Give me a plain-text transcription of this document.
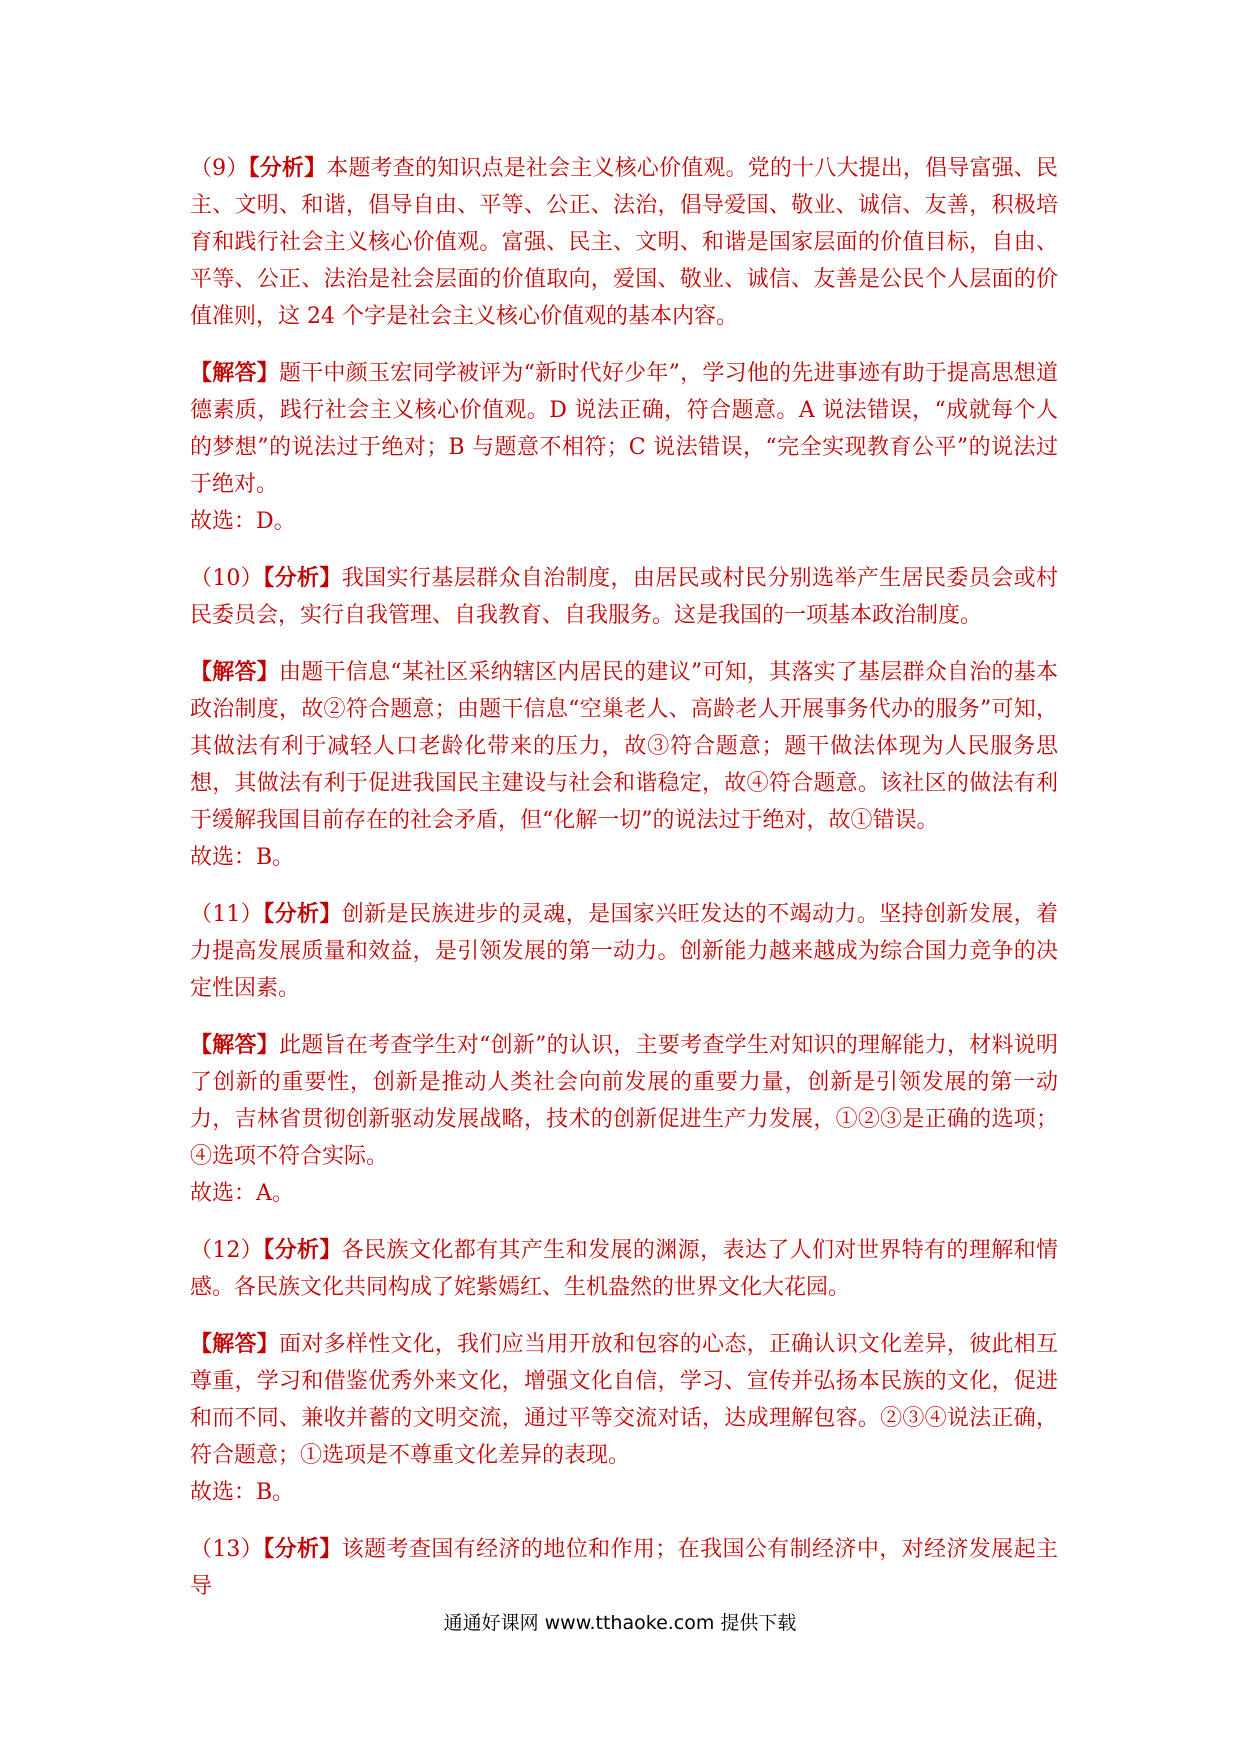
（9）【分析】本题考查的知识点是社会主义核心价值观。党的十八大提出，倡导富强、民主、文明、和谐，倡导自由、平等、公正、法治，倡导爱国、敬业、诚信、友善，积极培育和践行社会主义核心价值观。富强、民主、文明、和谐是国家层面的价值目标，自由、平等、公正、法治是社会层面的价值取向，爱国、敬业、诚信、友善是公民个人层面的价值准则，这 24 个字是社会主义核心价值观的基本内容。

【解答】题干中颜玉宏同学被评为“新时代好少年”，学习他的先进事迹有助于提高思想道德素质，践行社会主义核心价值观。D 说法正确，符合题意。A 说法错误，“成就每个人的梦想”的说法过于绝对；B 与题意不相符；C 说法错误，“完全实现教育公平”的说法过于绝对。

故选：D。

（10）【分析】我国实行基层群众自治制度，由居民或村民分别选举产生居民委员会或村民委员会，实行自我管理、自我教育、自我服务。这是我国的一项基本政治制度。

【解答】由题干信息“某社区采纳辖区内居民的建议”可知，其落实了基层群众自治的基本政治制度，故②符合题意；由题干信息“空巢老人、高龄老人开展事务代办的服务”可知，其做法有利于减轻人口老龄化带来的压力，故③符合题意；题干做法体现为人民服务思想，其做法有利于促进我国民主建设与社会和谐稳定，故④符合题意。该社区的做法有利于缓解我国目前存在的社会矛盾，但“化解一切”的说法过于绝对，故①错误。

故选：B。

（11）【分析】创新是民族进步的灵魂，是国家兴旺发达的不竭动力。坚持创新发展，着力提高发展质量和效益，是引领发展的第一动力。创新能力越来越成为综合国力竞争的决定性因素。

【解答】此题旨在考查学生对“创新”的认识，主要考查学生对知识的理解能力，材料说明了创新的重要性，创新是推动人类社会向前发展的重要力量，创新是引领发展的第一动力，吉林省贯彻创新驱动发展战略，技术的创新促进生产力发展，①②③是正确的选项；④选项不符合实际。

故选：A。

（12）【分析】各民族文化都有其产生和发展的渊源，表达了人们对世界特有的理解和情感。各民族文化共同构成了姹紫嫣红、生机盎然的世界文化大花园。

【解答】面对多样性文化，我们应当用开放和包容的心态，正确认识文化差异，彼此相互尊重，学习和借鉴优秀外来文化，增强文化自信，学习、宣传并弘扬本民族的文化，促进和而不同、兼收并蓄的文明交流，通过平等交流对话，达成理解包容。②③④说法正确，符合题意；①选项是不尊重文化差异的表现。

故选：B。

（13）【分析】该题考查国有经济的地位和作用；在我国公有制经济中，对经济发展起主导

通通好课网 www.tthaoke.com 提供下载
